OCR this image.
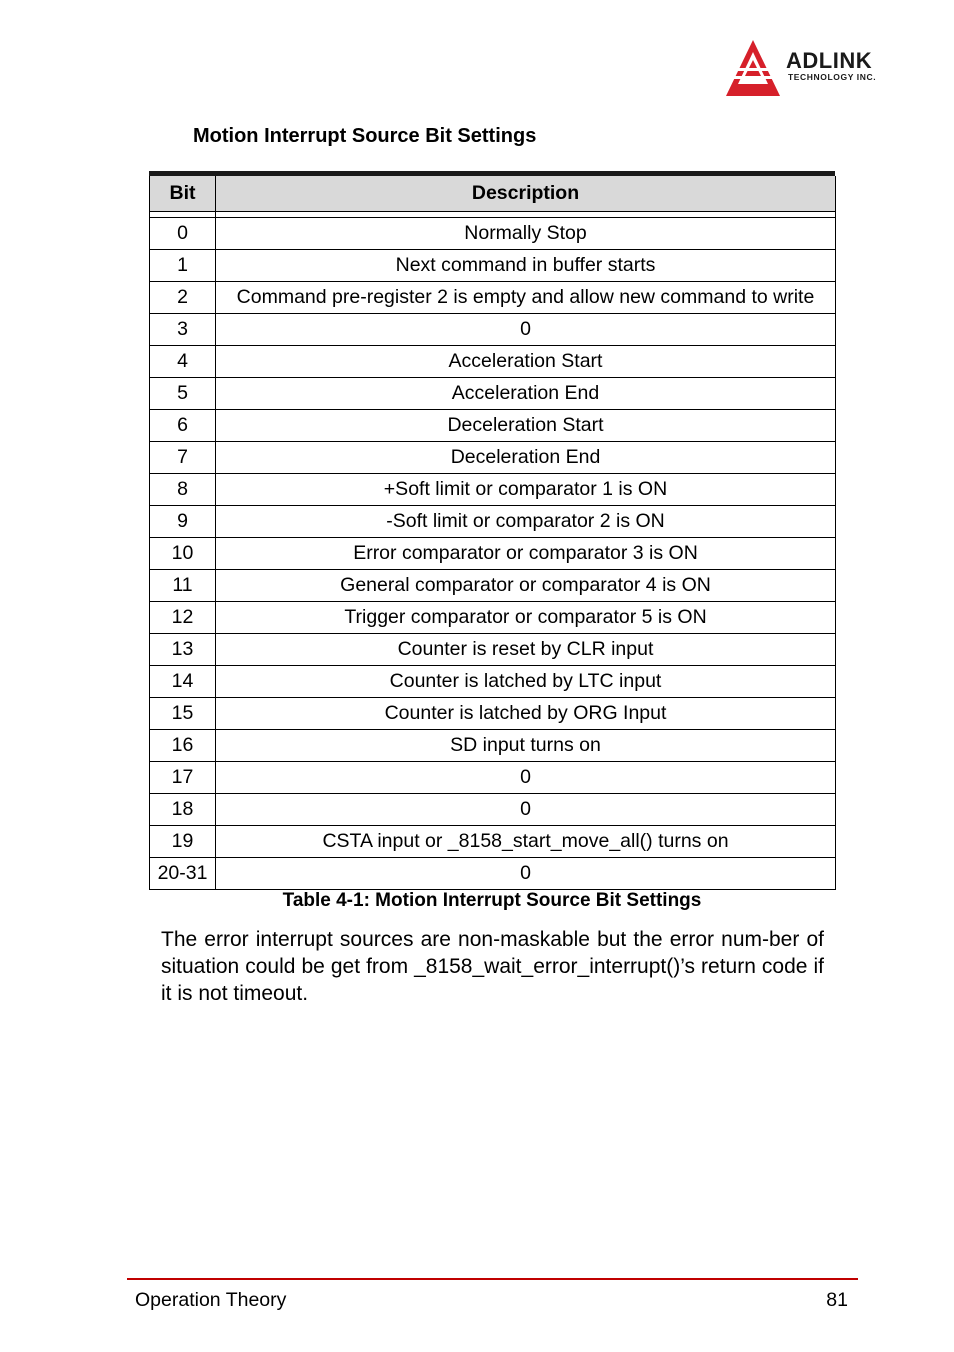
ADLINK
TECHNOLOGY INC.
Motion Interrupt Source Bit Settings
Bit	Description

0	Normally Stop
1	Next command in buffer starts
2	Command pre-register 2 is empty and allow new command to write
3	0
4	Acceleration Start
5	Acceleration End
6	Deceleration Start
7	Deceleration End
8	+Soft limit or comparator 1 is ON
9	-Soft limit or comparator 2 is ON
10	Error comparator or comparator 3 is ON
11	General comparator or comparator 4 is ON
12	Trigger comparator or comparator 5 is ON
13	Counter is reset by CLR input
14	Counter is latched by LTC input
15	Counter is latched by ORG Input
16	SD input turns on
17	0
18	0
19	CSTA input or _8158_start_move_all() turns on
20-31	0
Table 4-1: Motion Interrupt Source Bit Settings
The error interrupt sources are non-maskable but the error num-ber of situation could be get from _8158_wait_error_interrupt()’s return code if it is not timeout.
Operation Theory	81
